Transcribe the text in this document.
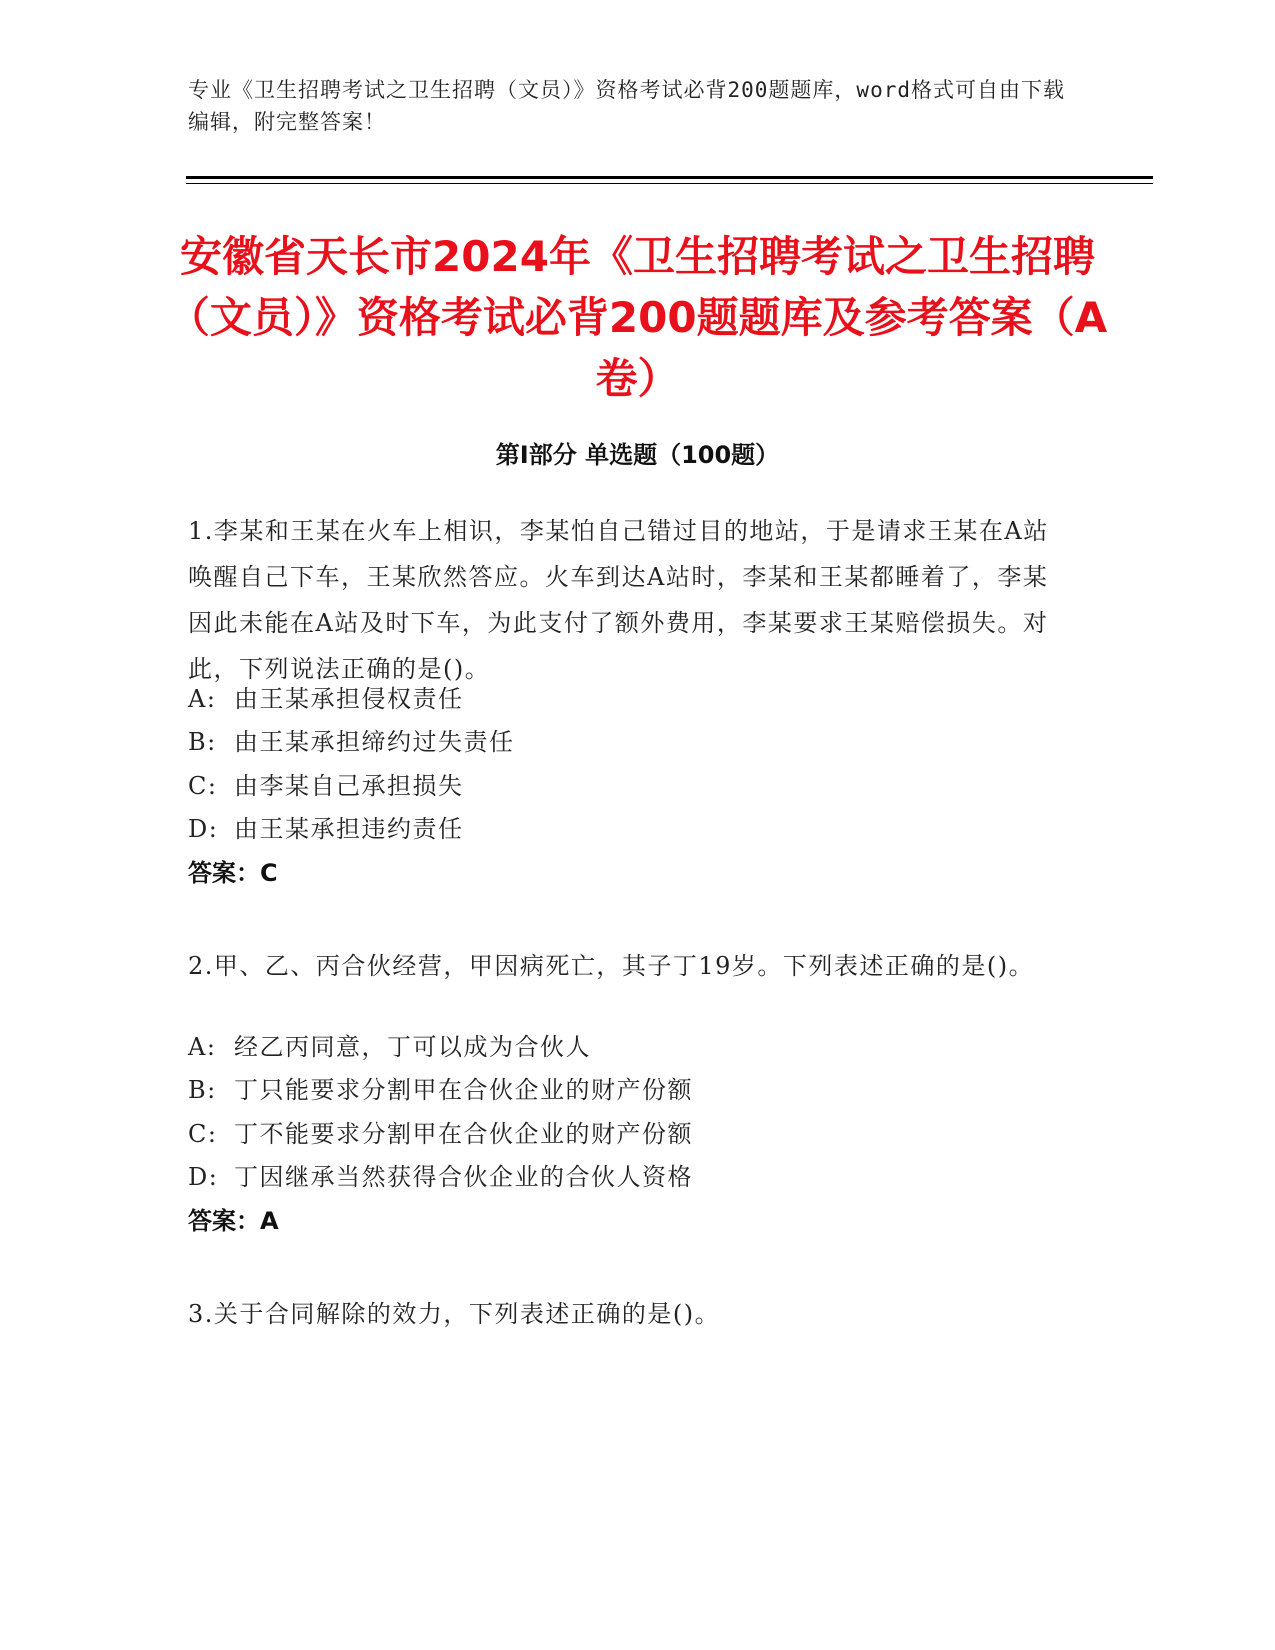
专业《卫生招聘考试之卫生招聘（文员）》资格考试必背200题题库，word格式可自由下载编辑，附完整答案！
安徽省天长市2024年《卫生招聘考试之卫生招聘（文员）》资格考试必背200题题库及参考答案（A卷）
第Ⅰ部分 单选题（100题）
1.李某和王某在火车上相识，李某怕自己错过目的地站，于是请求王某在A站唤醒自己下车，王某欣然答应。火车到达A站时，李某和王某都睡着了，李某因此未能在A站及时下车，为此支付了额外费用，李某要求王某赔偿损失。对此，下列说法正确的是()。
A: 由王某承担侵权责任
B: 由王某承担缔约过失责任
C: 由李某自己承担损失
D: 由王某承担违约责任
答案：C
2.甲、乙、丙合伙经营，甲因病死亡，其子丁19岁。下列表述正确的是()。
A: 经乙丙同意，丁可以成为合伙人
B: 丁只能要求分割甲在合伙企业的财产份额
C: 丁不能要求分割甲在合伙企业的财产份额
D: 丁因继承当然获得合伙企业的合伙人资格
答案：A
3.关于合同解除的效力，下列表述正确的是()。
